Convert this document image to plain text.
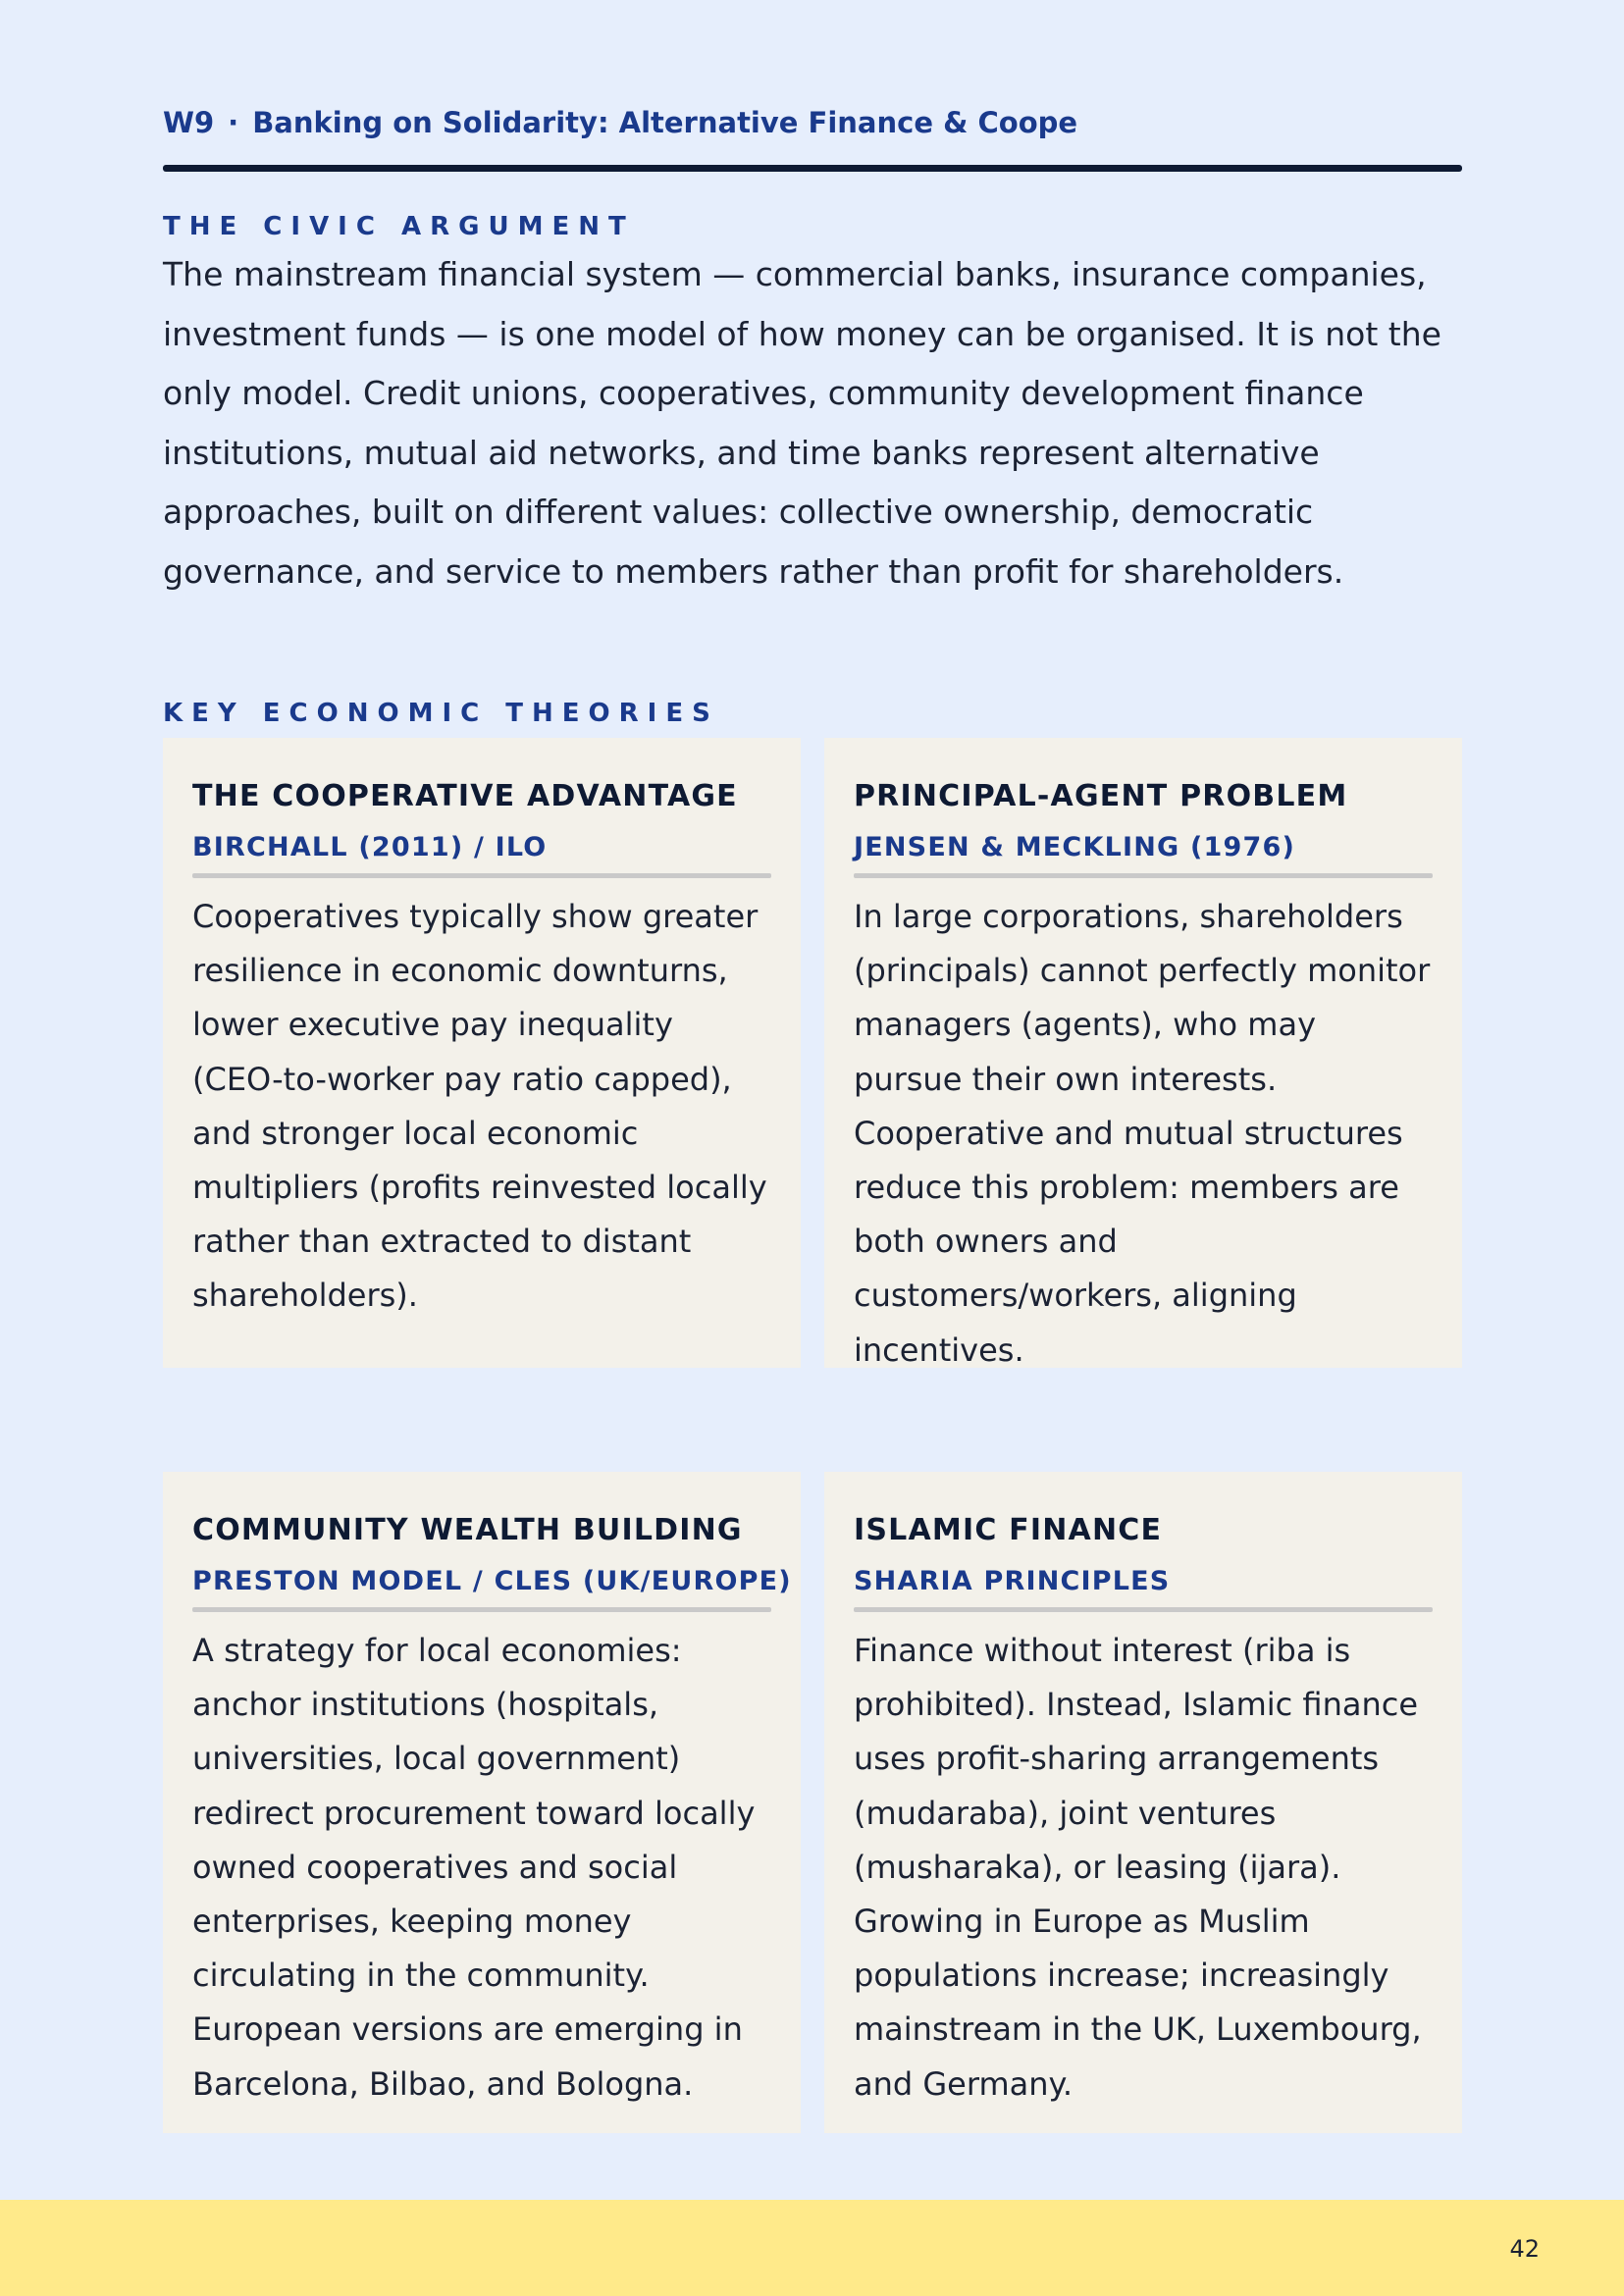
W9 · Banking on Solidarity: Alternative Finance & Coope
THE CIVIC ARGUMENT

The mainstream financial system — commercial banks, insurance companies, investment funds — is one model of how money can be organised. It is not the only model. Credit unions, cooperatives, community development finance institutions, mutual aid networks, and time banks represent alternative approaches, built on different values: collective ownership, democratic governance, and service to members rather than profit for shareholders.

KEY ECONOMIC THEORIES
THE COOPERATIVE ADVANTAGE
BIRCHALL (2011) / ILO
Cooperatives typically show greater resilience in economic downturns, lower executive pay inequality (CEO-to-worker pay ratio capped), and stronger local economic multipliers (profits reinvested locally rather than extracted to distant shareholders).
PRINCIPAL-AGENT PROBLEM
JENSEN & MECKLING (1976)
In large corporations, shareholders (principals) cannot perfectly monitor managers (agents), who may pursue their own interests. Cooperative and mutual structures reduce this problem: members are both owners and customers/workers, aligning incentives.
COMMUNITY WEALTH BUILDING
PRESTON MODEL / CLES (UK/EUROPE)
A strategy for local economies: anchor institutions (hospitals, universities, local government) redirect procurement toward locally owned cooperatives and social enterprises, keeping money circulating in the community. European versions are emerging in Barcelona, Bilbao, and Bologna.
ISLAMIC FINANCE
SHARIA PRINCIPLES
Finance without interest (riba is prohibited). Instead, Islamic finance uses profit-sharing arrangements (mudaraba), joint ventures (musharaka), or leasing (ijara). Growing in Europe as Muslim populations increase; increasingly mainstream in the UK, Luxembourg, and Germany.
42
